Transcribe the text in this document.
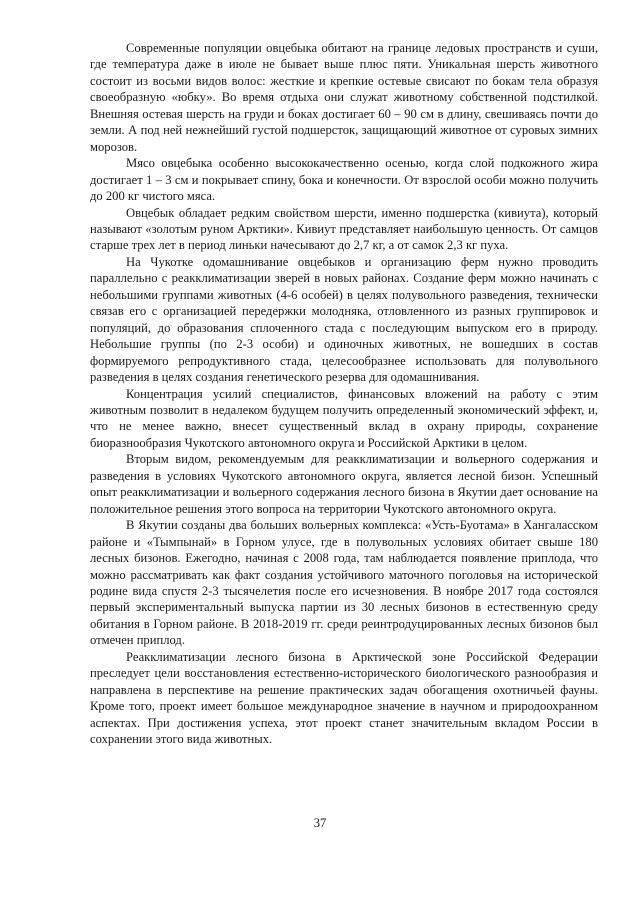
Современные популяции овцебыка обитают на границе ледовых пространств и суши, где температура даже в июле не бывает выше плюс пяти. Уникальная шерсть животного состоит из восьми видов волос: жесткие и крепкие остевые свисают по бокам тела образуя своеобразную «юбку». Во время отдыха они служат животному собственной подстилкой. Внешняя остевая шерсть на груди и боках достигает 60 – 90 см в длину, свешиваясь почти до земли. А под ней нежнейший густой подшерсток, защищающий животное от суровых зимних морозов.

Мясо овцебыка особенно высококачественно осенью, когда слой подкожного жира достигает 1 – 3 см и покрывает спину, бока и конечности. От взрослой особи можно получить до 200 кг чистого мяса.

Овцебык обладает редким свойством шерсти, именно подшерстка (кивиута), который называют «золотым руном Арктики». Кивиут представляет наибольшую ценность. От самцов старше трех лет в период линьки начесывают до 2,7 кг, а от самок 2,3 кг пуха.

На Чукотке одомашнивание овцебыков и организацию ферм нужно проводить параллельно с реакклиматизации зверей в новых районах. Создание ферм можно начинать с небольшими группами животных (4-6 особей) в целях полувольного разведения, технически связав его с организацией передержки молодняка, отловленного из разных группировок и популяций, до образования сплоченного стада с последующим выпуском его в природу. Небольшие группы (по 2-3 особи) и одиночных животных, не вошедших в состав формируемого репродуктивного стада, целесообразнее использовать для полувольного разведения в целях создания генетического резерва для одомашнивания.

Концентрация усилий специалистов, финансовых вложений на работу с этим животным позволит в недалеком будущем получить определенный экономический эффект, и, что не менее важно, внесет существенный вклад в охрану природы, сохранение биоразнообразия Чукотского автономного округа и Российской Арктики в целом.

Вторым видом, рекомендуемым для реакклиматизации и вольерного содержания и разведения в условиях Чукотского автономного округа, является лесной бизон. Успешный опыт реакклиматизации и вольерного содержания лесного бизона в Якутии дает основание на положительное решения этого вопроса на территории Чукотского автономного округа.

В Якутии созданы два больших вольерных комплекса: «Усть-Буотама» в Хангаласском районе и «Тымпынай» в Горном улусе, где в полувольных условиях обитает свыше 180 лесных бизонов. Ежегодно, начиная с 2008 года, там наблюдается появление приплода, что можно рассматривать как факт создания устойчивого маточного поголовья на исторической родине вида спустя 2-3 тысячелетия после его исчезновения. В ноябре 2017 года состоялся первый экспериментальный выпуска партии из 30 лесных бизонов в естественную среду обитания в Горном районе. В 2018-2019 гг. среди реинтродуцированных лесных бизонов был отмечен приплод.

Реакклиматизации лесного бизона в Арктической зоне Российской Федерации преследует цели восстановления естественно-исторического биологического разнообразия и направлена в перспективе на решение практических задач обогащения охотничьей фауны. Кроме того, проект имеет большое международное значение в научном и природоохранном аспектах. При достижения успеха, этот проект станет значительным вкладом России в сохранении этого вида животных.

37
